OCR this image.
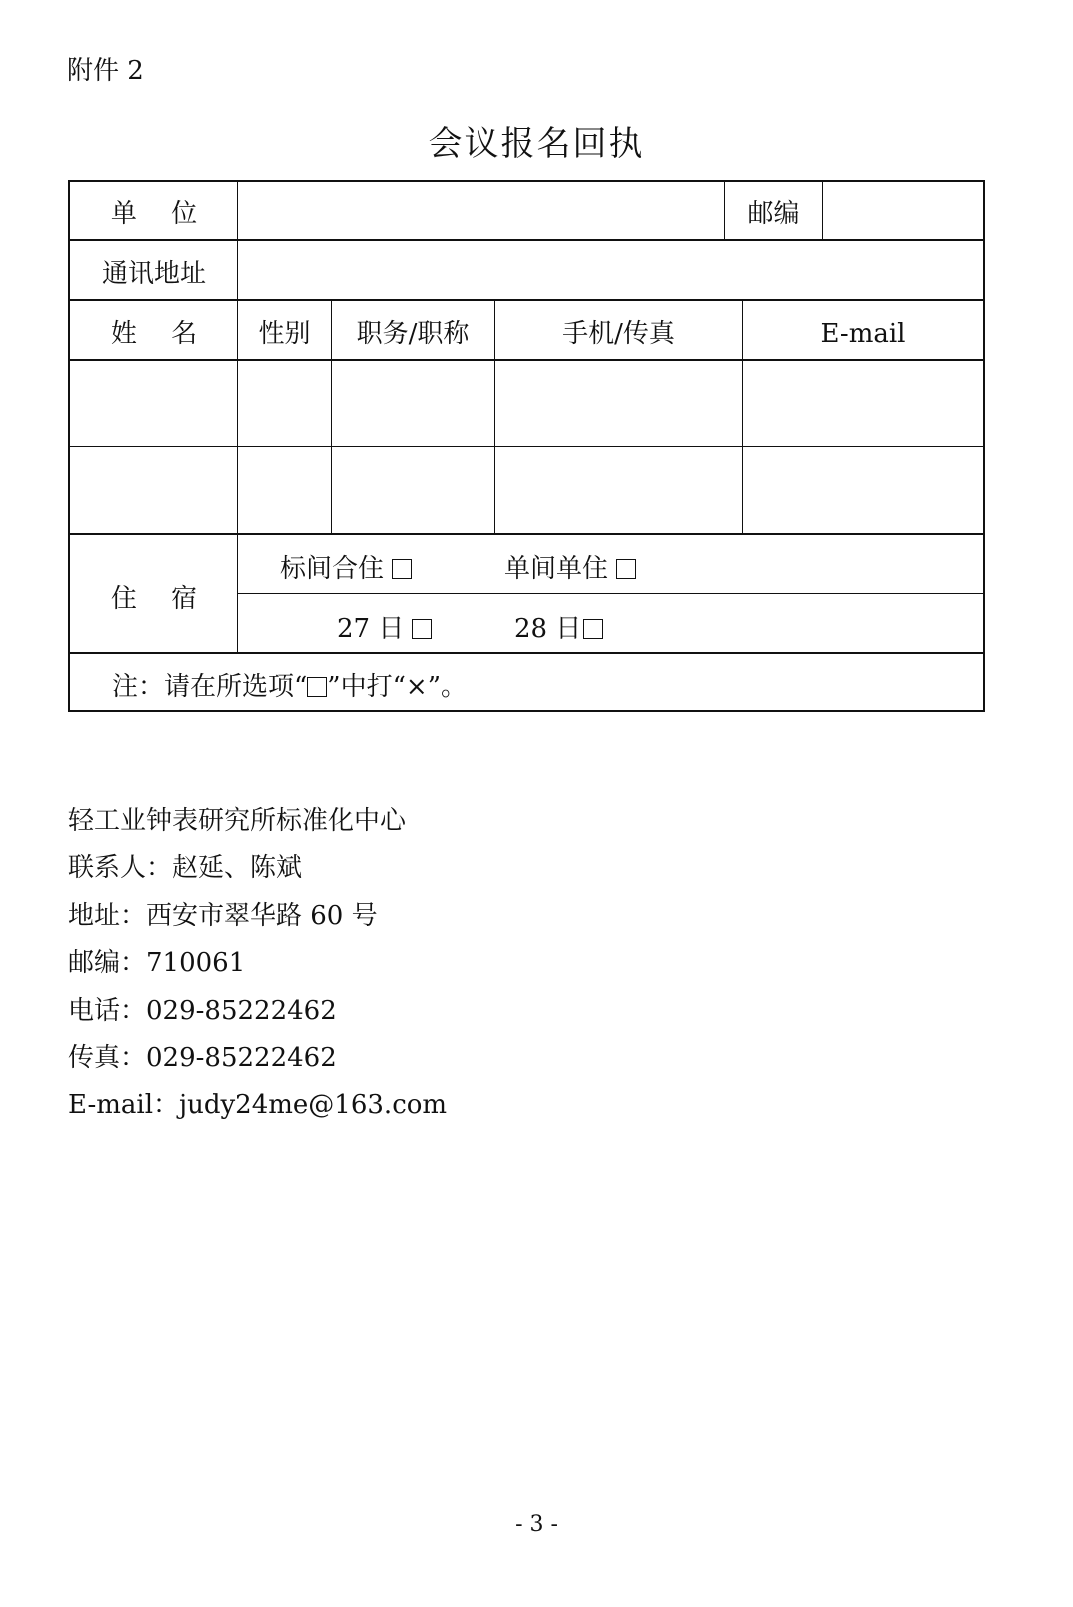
附件 2
会议报名回执
单　 位	邮编
通讯地址
姓　 名	性别	职务/职称	手机/传真	E-mail
住　 宿
标间合住	单间单住
27 日	28 日
注：请在所选项“ ”中打“×”。
轻工业钟表研究所标准化中心
联系人：赵延、陈斌
地址：西安市翠华路 60 号
邮编：710061
电话：029-85222462
传真：029-85222462
E-mail：judy24me@163.com
- 3 -
